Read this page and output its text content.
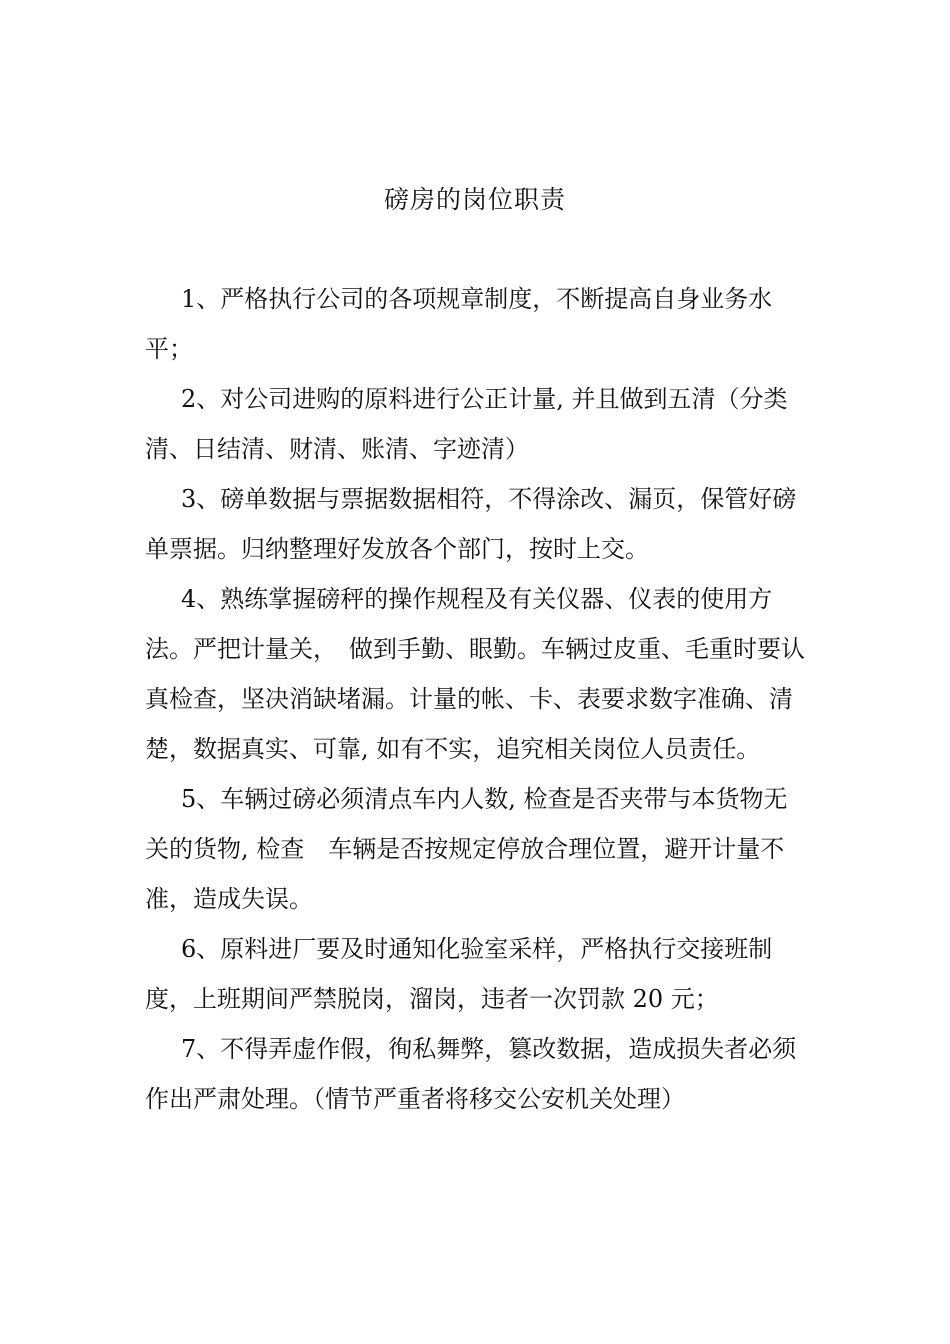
磅房的岗位职责

1、严格执行公司的各项规章制度，不断提高自身业务水平；

2、对公司进购的原料进行公正计量, 并且做到五清（分类清、日结清、财清、账清、字迹清）

3、磅单数据与票据数据相符，不得涂改、漏页，保管好磅单票据。归纳整理好发放各个部门，按时上交。

4、熟练掌握磅秤的操作规程及有关仪器、仪表的使用方法。严把计量关，　做到手勤、眼勤。车辆过皮重、毛重时要认真检查，坚决消缺堵漏。计量的帐、卡、表要求数字准确、清楚，数据真实、可靠, 如有不实，追究相关岗位人员责任。

5、车辆过磅必须清点车内人数, 检查是否夹带与本货物无关的货物, 检查　车辆是否按规定停放合理位置，避开计量不准，造成失误。

6、原料进厂要及时通知化验室采样，严格执行交接班制度，上班期间严禁脱岗，溜岗，违者一次罚款 20 元；

7、不得弄虚作假，徇私舞弊，篡改数据，造成损失者必须作出严肃处理。（情节严重者将移交公安机关处理）
